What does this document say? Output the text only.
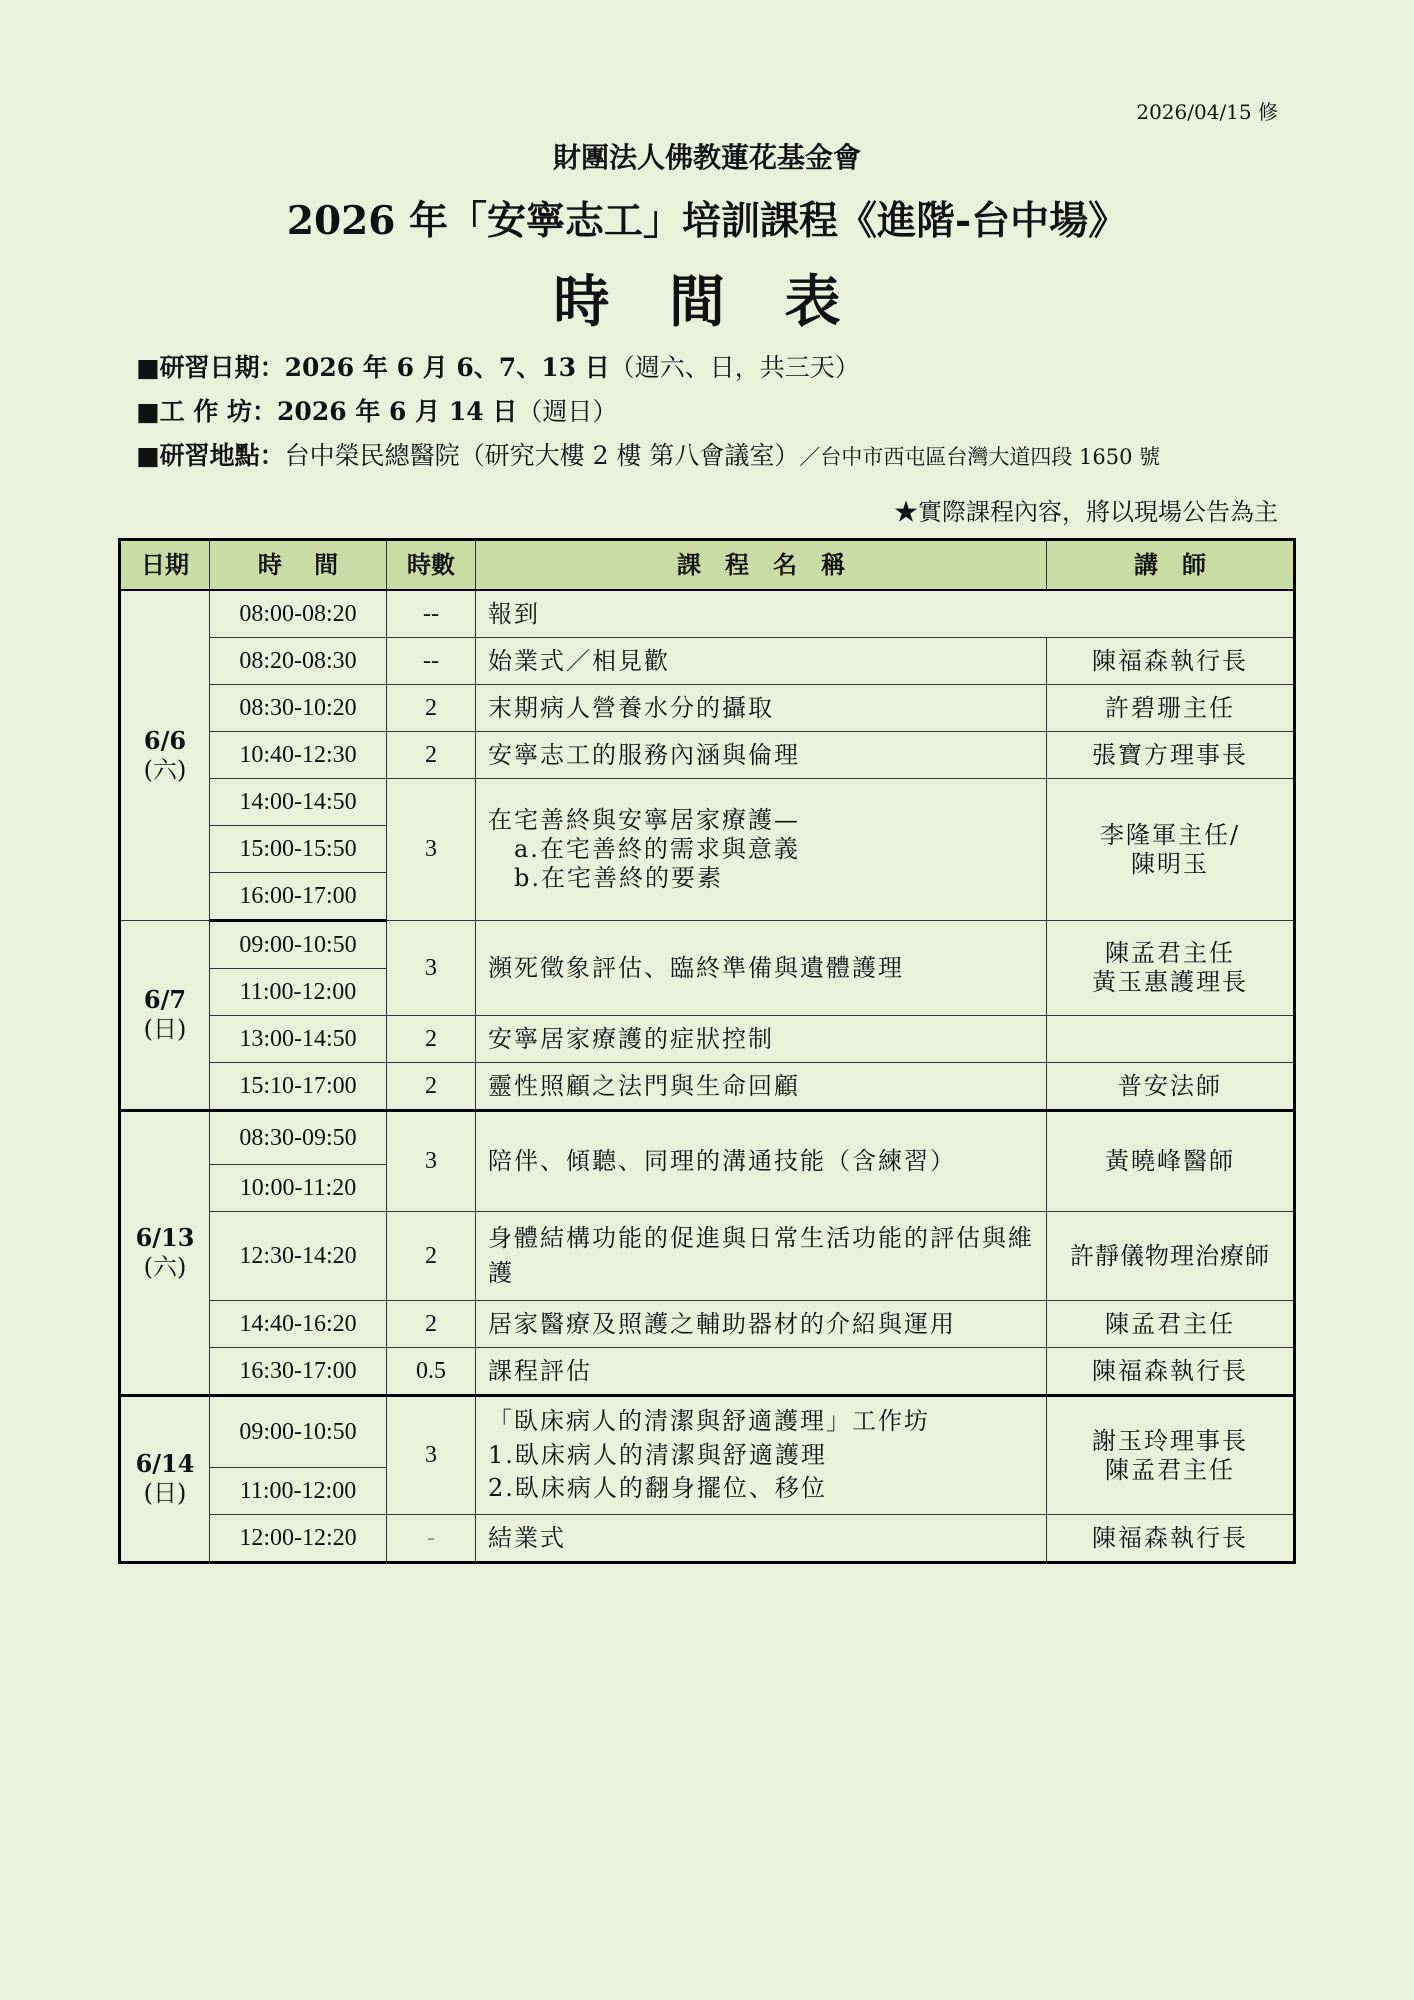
2026/04/15 修
財團法人佛教蓮花基金會
2026 年「安寧志工」培訓課程《進階-台中場》
時 間 表
■研習日期：2026 年 6 月 6、7、13 日（週六、日，共三天）
■工 作 坊：2026 年 6 月 14 日（週日）
■研習地點：台中榮民總醫院（研究大樓 2 樓 第八會議室）／台中市西屯區台灣大道四段 1650 號
★實際課程內容，將以現場公告為主
日期	時　 間	時數	課　程　名　稱	講　師
6/6
(六)	08:00-08:20	--	報到	
	08:20-08:30	--	始業式／相見歡	陳福森執行長
	08:30-10:20	2	末期病人營養水分的攝取	許碧珊主任
	10:40-12:30	2	安寧志工的服務內涵與倫理	張寶方理事長
	14:00-14:50	3	在宅善終與安寧居家療護—
a.在宅善終的需求與意義
b.在宅善終的要素	李隆軍主任/
陳明玉

	15:00-15:50			
	16:00-17:00			
6/7
(日)	09:00-10:50	3	瀕死徵象評估、臨終準備與遺體護理	陳孟君主任
黃玉惠護理長

	11:00-12:00			
	13:00-14:50	2	安寧居家療護的症狀控制	
	15:10-17:00	2	靈性照顧之法門與生命回顧	普安法師
6/13
(六)	08:30-09:50	3	陪伴、傾聽、同理的溝通技能（含練習）	黃曉峰醫師
	10:00-11:20			
	12:30-14:20	2	身體結構功能的促進與日常生活功能的評估與維護	許靜儀物理治療師
	14:40-16:20	2	居家醫療及照護之輔助器材的介紹與運用	陳孟君主任
	16:30-17:00	0.5	課程評估	陳福森執行長
6/14
(日)	09:00-10:50	3	「臥床病人的清潔與舒適護理」工作坊
1.臥床病人的清潔與舒適護理
2.臥床病人的翻身擺位、移位	謝玉玲理事長
陳孟君主任

	11:00-12:00			
	12:00-12:20	-	結業式	陳福森執行長
